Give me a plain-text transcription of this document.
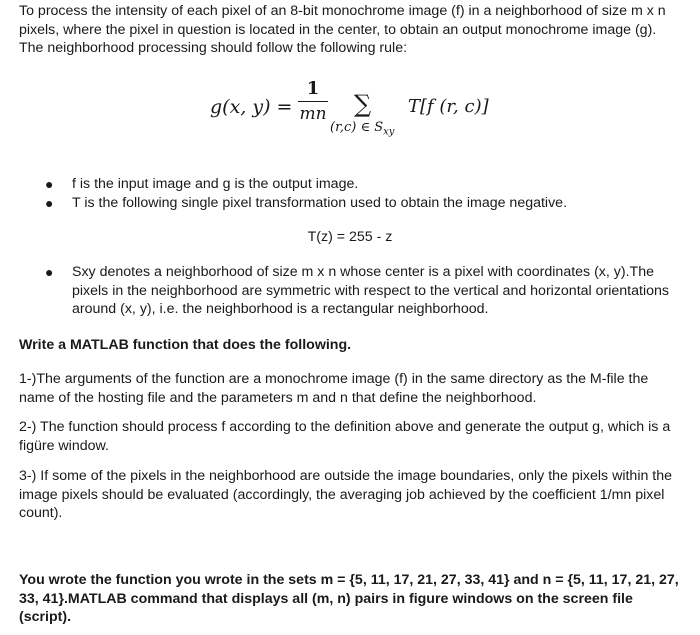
To process the intensity of each pixel of an 8-bit monochrome image (f) in a neighborhood of size m x n pixels, where the pixel in question is located in the center, to obtain an output monochrome image (g). The neighborhood processing should follow the following rule:

g(x, y) =
1
mn ∑
(r,c) ∈ $S_{xy}$
T[f (r, c)]
● f is the input image and g is the output image.

● T is the following single pixel transformation used to obtain the image negative.

T(z) = 255 - z
● Sxy denotes a neighborhood of size m x n whose center is a pixel with coordinates (x, y).The pixels in the neighborhood are symmetric with respect to the vertical and horizontal orientations around (x, y), i.e. the neighborhood is a rectangular neighborhood.

Write a MATLAB function that does the following.

1-)The arguments of the function are a monochrome image (f) in the same directory as the M-file the name of the hosting file and the parameters m and n that define the neighborhood.

2-) The function should process f according to the definition above and generate the output g, which is a figüre window.

3-) If some of the pixels in the neighborhood are outside the image boundaries, only the pixels within the image pixels should be evaluated (accordingly, the averaging job achieved by the coefficient 1/mn pixel count).

You wrote the function you wrote in the sets m = {5, 11, 17, 21, 27, 33, 41} and n = {5, 11, 17, 21, 27, 33, 41}.MATLAB command that displays all (m, n) pairs in figure windows on the screen file (script).
